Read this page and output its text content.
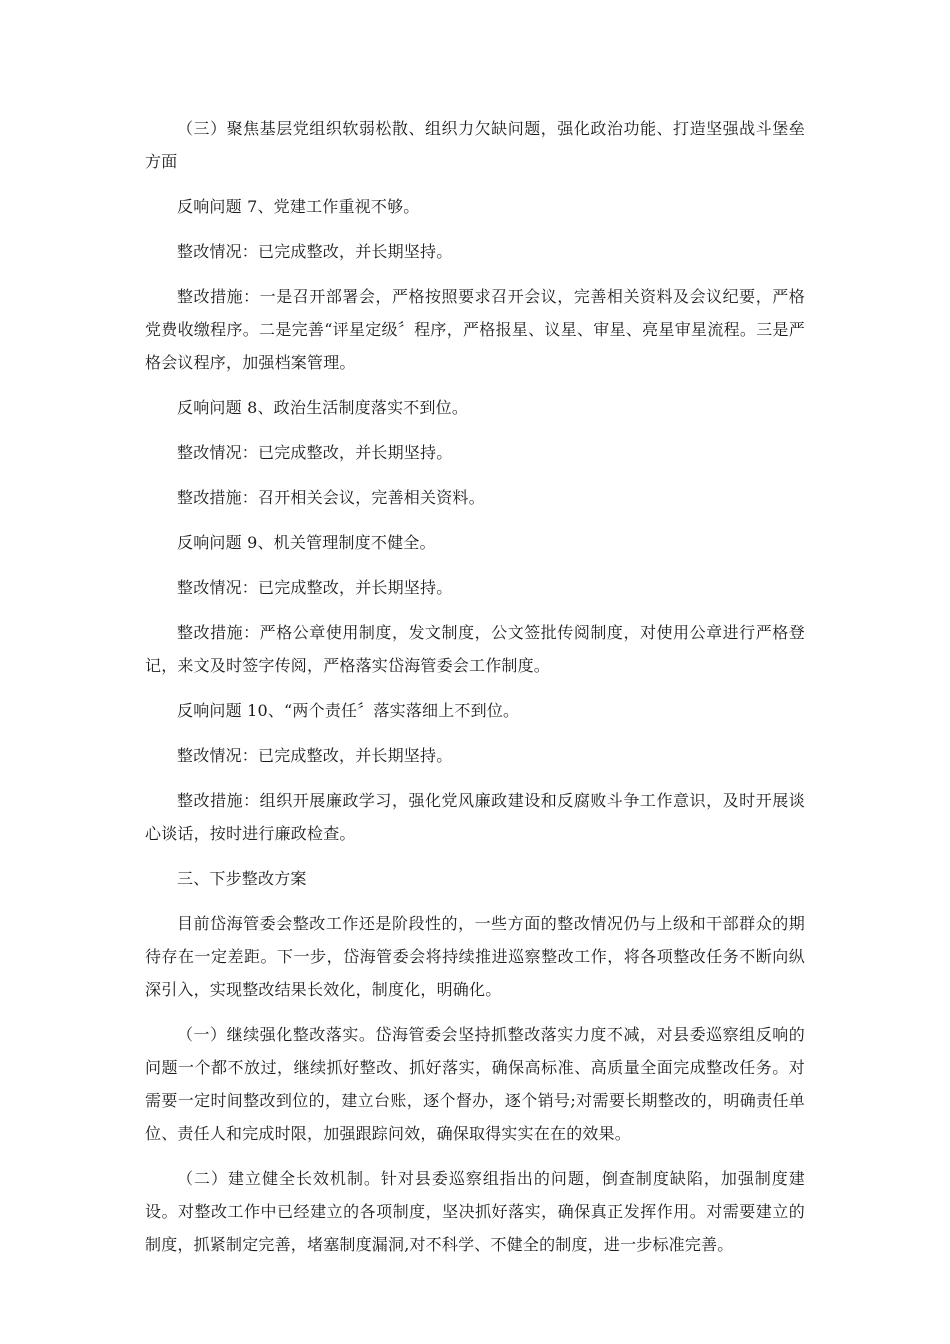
（三）聚焦基层党组织软弱松散、组织力欠缺问题，强化政治功能、打造坚强战斗堡垒方面

反响问题 7、党建工作重视不够。

整改情况：已完成整改，并长期坚持。

整改措施：一是召开部署会，严格按照要求召开会议，完善相关资料及会议纪要，严格党费收缴程序。二是完善“评星定级〞程序，严格报星、议星、审星、亮星审星流程。三是严格会议程序，加强档案管理。

反响问题 8、政治生活制度落实不到位。

整改情况：已完成整改，并长期坚持。

整改措施：召开相关会议，完善相关资料。

反响问题 9、机关管理制度不健全。

整改情况：已完成整改，并长期坚持。

整改措施：严格公章使用制度，发文制度，公文签批传阅制度，对使用公章进行严格登记，来文及时签字传阅，严格落实岱海管委会工作制度。

反响问题 10、“两个责任〞落实落细上不到位。

整改情况：已完成整改，并长期坚持。

整改措施：组织开展廉政学习，强化党风廉政建设和反腐败斗争工作意识，及时开展谈心谈话，按时进行廉政检查。

三、下步整改方案

目前岱海管委会整改工作还是阶段性的，一些方面的整改情况仍与上级和干部群众的期待存在一定差距。下一步，岱海管委会将持续推进巡察整改工作，将各项整改任务不断向纵深引入，实现整改结果长效化，制度化，明确化。

（一）继续强化整改落实。岱海管委会坚持抓整改落实力度不减，对县委巡察组反响的问题一个都不放过，继续抓好整改、抓好落实，确保高标准、高质量全面完成整改任务。对需要一定时间整改到位的，建立台账，逐个督办，逐个销号;对需要长期整改的，明确责任单位、责任人和完成时限，加强跟踪问效，确保取得实实在在的效果。

（二）建立健全长效机制。针对县委巡察组指出的问题，倒查制度缺陷，加强制度建设。对整改工作中已经建立的各项制度，坚决抓好落实，确保真正发挥作用。对需要建立的制度，抓紧制定完善，堵塞制度漏洞,对不科学、不健全的制度，进一步标准完善。
